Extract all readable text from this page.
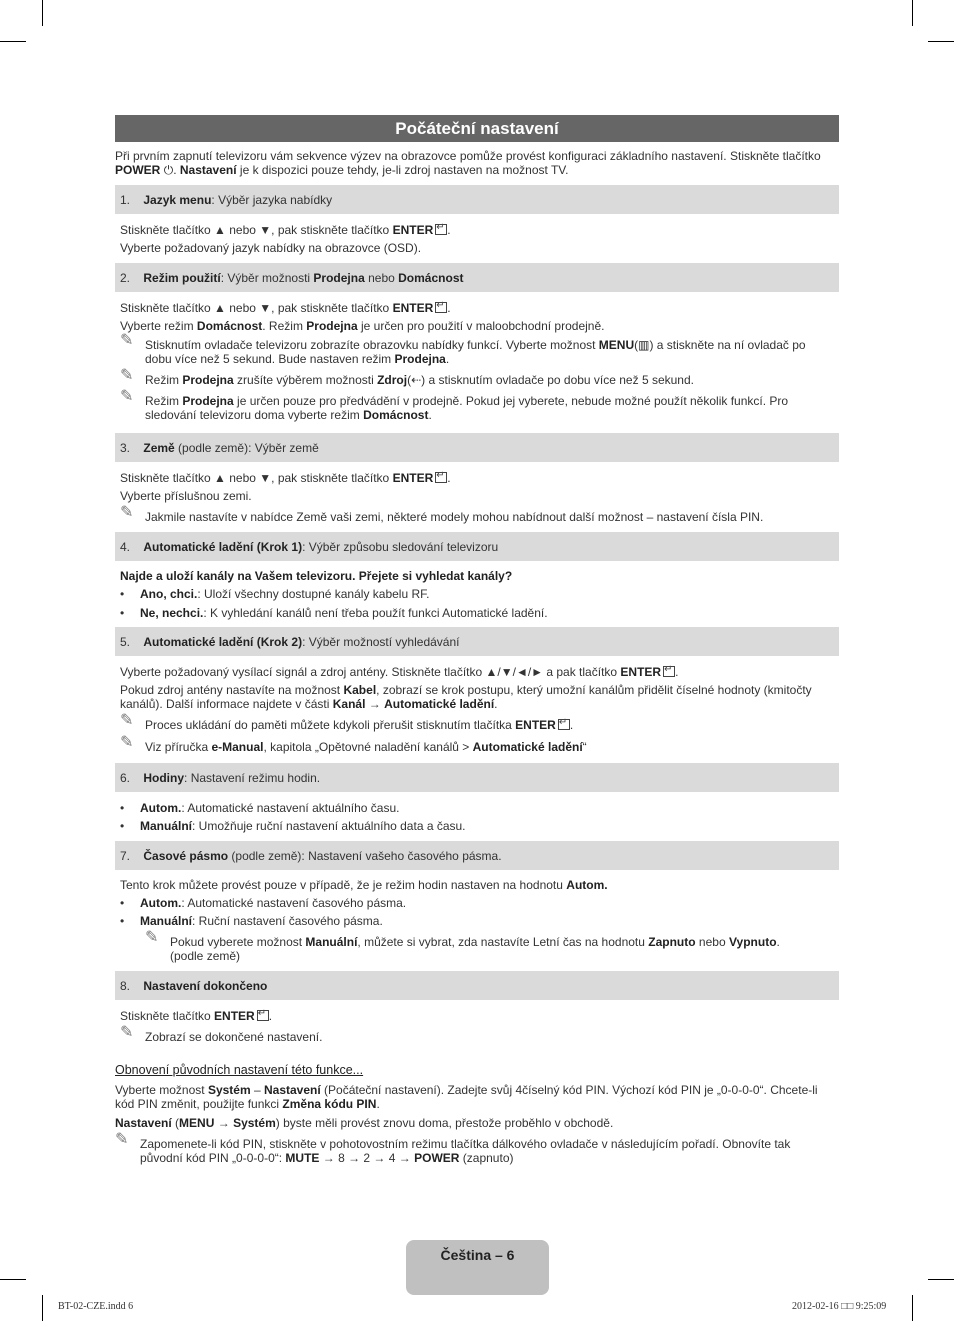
Počáteční nastavení
Při prvním zapnutí televizoru vám sekvence výzev na obrazovce pomůže provést konfiguraci základního nastavení. Stiskněte tlačítko
POWER ⏻. Nastavení je k dispozici pouze tehdy, je-li zdroj nastaven na možnost TV.
1. Jazyk menu: Výběr jazyka nabídky
Stiskněte tlačítko ▲ nebo ▼, pak stiskněte tlačítko ENTER ↵ .
Vyberte požadovaný jazyk nabídky na obrazovce (OSD).
2. Režim použití: Výběr možnosti Prodejna nebo Domácnost
Stiskněte tlačítko ▲ nebo ▼, pak stiskněte tlačítko ENTER ↵ .
Vyberte režim Domácnost. Režim Prodejna je určen pro použití v maloobchodní prodejně.
✎ Stisknutím ovladače televizoru zobrazíte obrazovku nabídky funkcí. Vyberte možnost MENU(▥) a stiskněte na ní ovladač po
dobu více než 5 sekund. Bude nastaven režim Prodejna.
✎ Režim Prodejna zrušíte výběrem možnosti Zdroj(⇠) a stisknutím ovladače po dobu více než 5 sekund.
✎ Režim Prodejna je určen pouze pro předvádění v prodejně. Pokud jej vyberete, nebude možné použít několik funkcí. Pro
sledování televizoru doma vyberte režim Domácnost.
3. Země (podle země): Výběr země
Stiskněte tlačítko ▲ nebo ▼, pak stiskněte tlačítko ENTER ↵ .
Vyberte příslušnou zemi.
✎ Jakmile nastavíte v nabídce Země vaši zemi, některé modely mohou nabídnout další možnost – nastavení čísla PIN.
4. Automatické ladění (Krok 1): Výběr způsobu sledování televizoru
Najde a uloží kanály na Vašem televizoru. Přejete si vyhledat kanály?
• Ano, chci.: Uloží všechny dostupné kanály kabelu RF.
• Ne, nechci.: K vyhledání kanálů není třeba použít funkci Automatické ladění.
5. Automatické ladění (Krok 2): Výběr možností vyhledávání
Vyberte požadovaný vysílací signál a zdroj antény. Stiskněte tlačítko ▲/▼/◄/► a pak tlačítko ENTER ↵ .
Pokud zdroj antény nastavíte na možnost Kabel, zobrazí se krok postupu, který umožní kanálům přidělit číselné hodnoty (kmitočty
kanálů). Další informace najdete v části Kanál → Automatické ladění.
✎ Proces ukládání do paměti můžete kdykoli přerušit stisknutím tlačítka ENTER ↵ .
✎ Viz příručka e-Manual, kapitola „Opětovné naladění kanálů > Automatické ladění“
6. Hodiny: Nastavení režimu hodin.
• Autom.: Automatické nastavení aktuálního času.
• Manuální: Umožňuje ruční nastavení aktuálního data a času.
7. Časové pásmo (podle země): Nastavení vašeho časového pásma.
Tento krok můžete provést pouze v případě, že je režim hodin nastaven na hodnotu Autom.
• Autom.: Automatické nastavení časového pásma.
• Manuální: Ruční nastavení časového pásma.
✎ Pokud vyberete možnost Manuální, můžete si vybrat, zda nastavíte Letní čas na hodnotu Zapnuto nebo Vypnuto.
(podle země)
8. Nastavení dokončeno
Stiskněte tlačítko ENTER ↵ .
✎ Zobrazí se dokončené nastavení.
Obnovení původních nastavení této funkce...
Vyberte možnost Systém – Nastavení (Počáteční nastavení). Zadejte svůj 4číselný kód PIN. Výchozí kód PIN je „0-0-0-0“. Chcete-li
kód PIN změnit, použijte funkci Změna kódu PIN.
Nastavení (MENU → Systém) byste měli provést znovu doma, přestože proběhlo v obchodě.
✎ Zapomenete-li kód PIN, stiskněte v pohotovostním režimu tlačítka dálkového ovladače v následujícím pořadí. Obnovíte tak
původní kód PIN „0-0-0-0“: MUTE → 8 → 2 → 4 → POWER (zapnuto)
Čeština – 6
BT-02-CZE.indd 6	2012-02-16 □□ 9:25:09
